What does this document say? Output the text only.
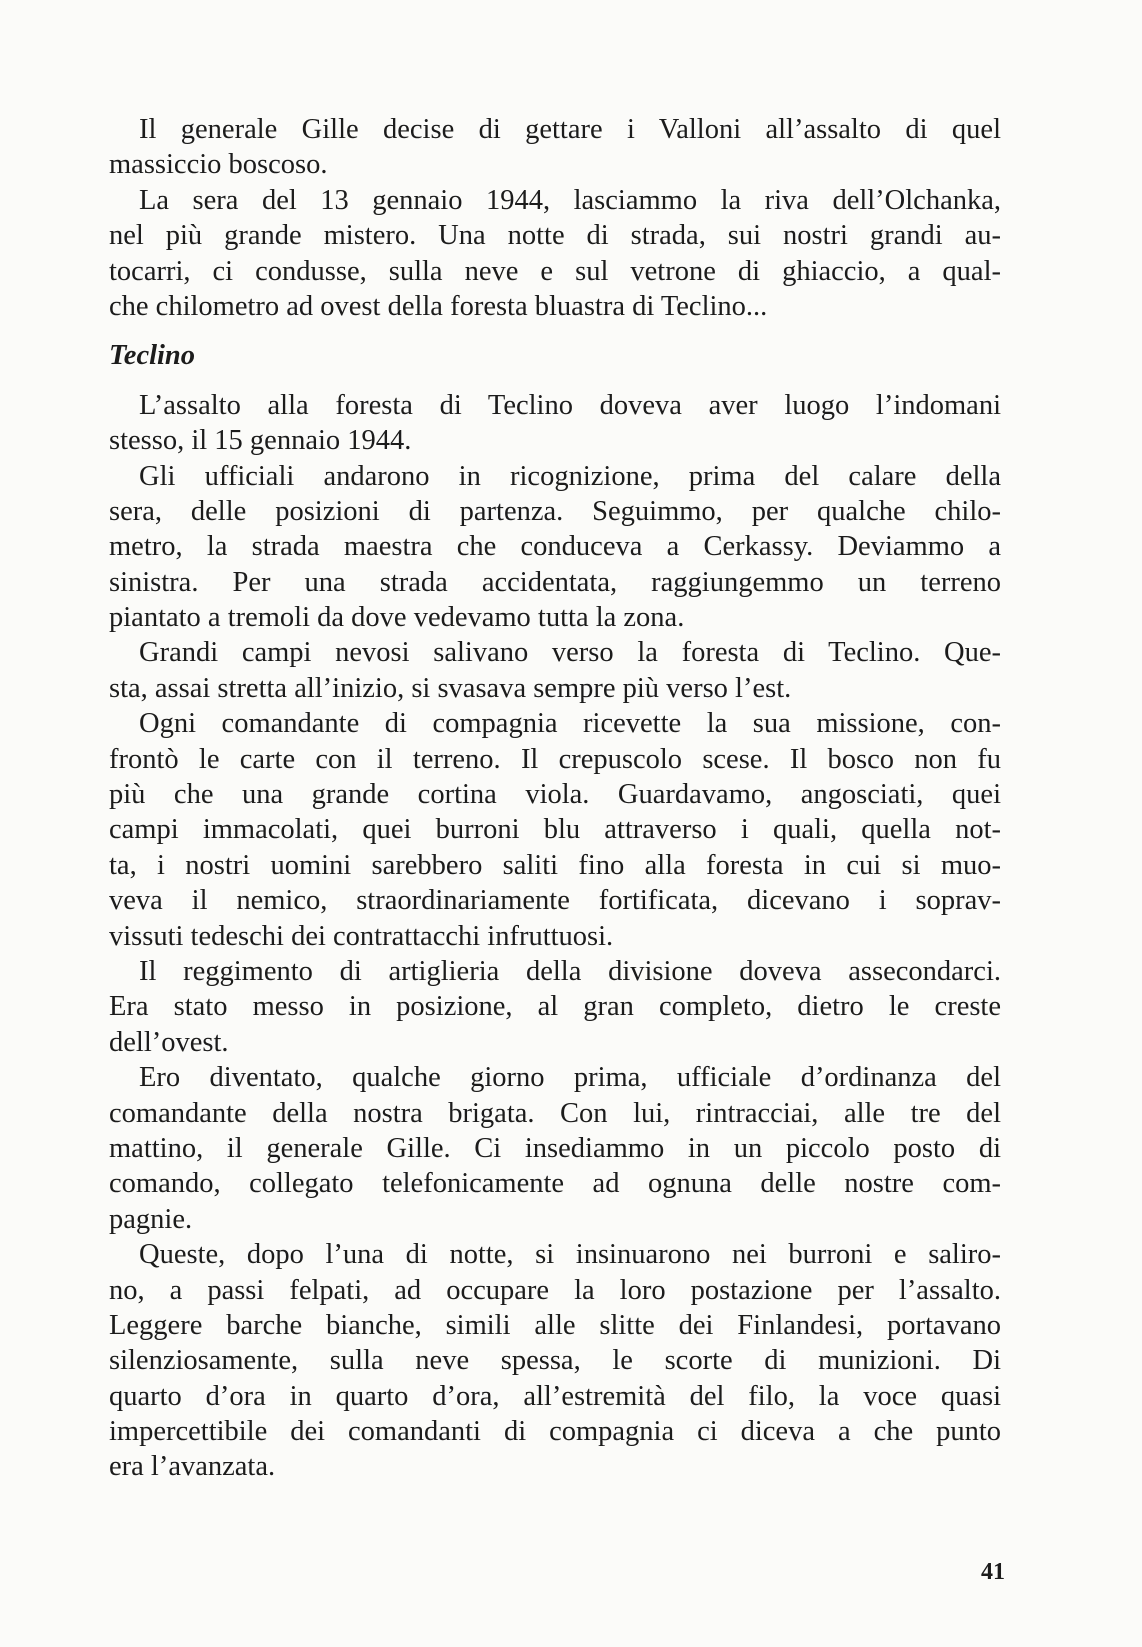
Il generale Gille decise di gettare i Valloni all’assalto di quel
massiccio boscoso.
La sera del 13 gennaio 1944, lasciammo la riva dell’Olchanka,
nel più grande mistero. Una notte di strada, sui nostri grandi au-
tocarri, ci condusse, sulla neve e sul vetrone di ghiaccio, a qual-
che chilometro ad ovest della foresta bluastra di Teclino...
Teclino
L’assalto alla foresta di Teclino doveva aver luogo l’indomani
stesso, il 15 gennaio 1944.
Gli ufficiali andarono in ricognizione, prima del calare della
sera, delle posizioni di partenza. Seguimmo, per qualche chilo-
metro, la strada maestra che conduceva a Cerkassy. Deviammo a
sinistra. Per una strada accidentata, raggiungemmo un terreno
piantato a tremoli da dove vedevamo tutta la zona.
Grandi campi nevosi salivano verso la foresta di Teclino. Que-
sta, assai stretta all’inizio, si svasava sempre più verso l’est.
Ogni comandante di compagnia ricevette la sua missione, con-
frontò le carte con il terreno. Il crepuscolo scese. Il bosco non fu
più che una grande cortina viola. Guardavamo, angosciati, quei
campi immacolati, quei burroni blu attraverso i quali, quella not-
ta, i nostri uomini sarebbero saliti fino alla foresta in cui si muo-
veva il nemico, straordinariamente fortificata, dicevano i soprav-
vissuti tedeschi dei contrattacchi infruttuosi.
Il reggimento di artiglieria della divisione doveva assecondarci.
Era stato messo in posizione, al gran completo, dietro le creste
dell’ovest.
Ero diventato, qualche giorno prima, ufficiale d’ordinanza del
comandante della nostra brigata. Con lui, rintracciai, alle tre del
mattino, il generale Gille. Ci insediammo in un piccolo posto di
comando, collegato telefonicamente ad ognuna delle nostre com-
pagnie.
Queste, dopo l’una di notte, si insinuarono nei burroni e saliro-
no, a passi felpati, ad occupare la loro postazione per l’assalto.
Leggere barche bianche, simili alle slitte dei Finlandesi, portavano
silenziosamente, sulla neve spessa, le scorte di munizioni. Di
quarto d’ora in quarto d’ora, all’estremità del filo, la voce quasi
impercettibile dei comandanti di compagnia ci diceva a che punto
era l’avanzata.
41
